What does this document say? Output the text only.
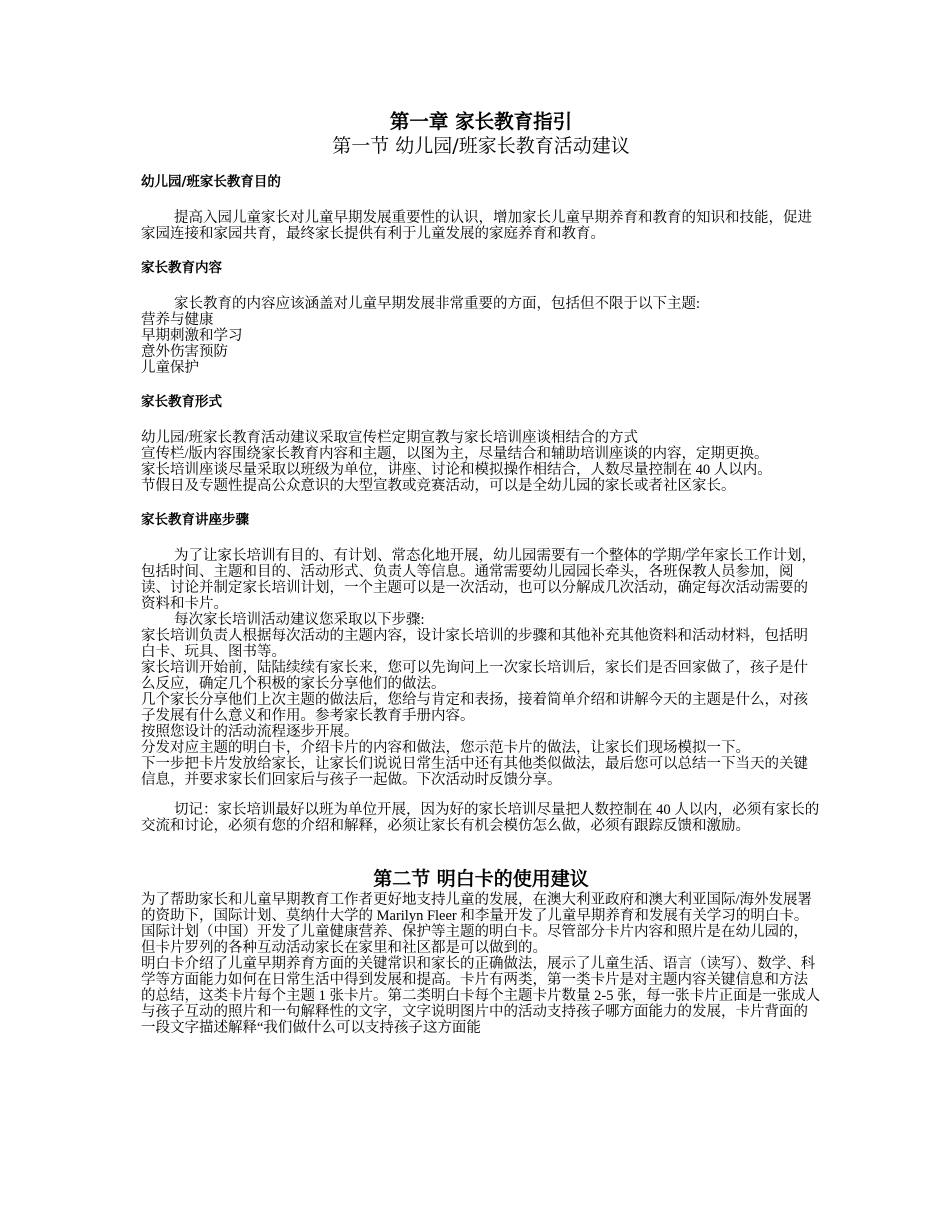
第一章 家长教育指引
第一节 幼儿园/班家长教育活动建议
幼儿园/班家长教育目的

提高入园儿童家长对儿童早期发展重要性的认识，增加家长儿童早期养育和教育的知识和技能，促进家园连接和家园共育，最终家长提供有利于儿童发展的家庭养育和教育。

家长教育内容

家长教育的内容应该涵盖对儿童早期发展非常重要的方面，包括但不限于以下主题:

营养与健康

早期刺激和学习

意外伤害预防

儿童保护

家长教育形式

幼儿园/班家长教育活动建议采取宣传栏定期宣教与家长培训座谈相结合的方式

宣传栏/版内容围绕家长教育内容和主题，以图为主，尽量结合和辅助培训座谈的内容，定期更换。

家长培训座谈尽量采取以班级为单位，讲座、讨论和模拟操作相结合，人数尽量控制在 40 人以内。

节假日及专题性提高公众意识的大型宣教或竞赛活动，可以是全幼儿园的家长或者社区家长。

家长教育讲座步骤

为了让家长培训有目的、有计划、常态化地开展，幼儿园需要有一个整体的学期/学年家长工作计划，包括时间、主题和目的、活动形式、负责人等信息。通常需要幼儿园园长牵头，各班保教人员参加，阅读、讨论并制定家长培训计划，一个主题可以是一次活动，也可以分解成几次活动，确定每次活动需要的资料和卡片。

每次家长培训活动建议您采取以下步骤:

家长培训负责人根据每次活动的主题内容，设计家长培训的步骤和其他补充其他资料和活动材料，包括明白卡、玩具、图书等。

家长培训开始前，陆陆续续有家长来，您可以先询问上一次家长培训后，家长们是否回家做了，孩子是什么反应，确定几个积极的家长分享他们的做法。

几个家长分享他们上次主题的做法后，您给与肯定和表扬，接着简单介绍和讲解今天的主题是什么，对孩子发展有什么意义和作用。参考家长教育手册内容。

按照您设计的活动流程逐步开展。

分发对应主题的明白卡，介绍卡片的内容和做法，您示范卡片的做法，让家长们现场模拟一下。

下一步把卡片发放给家长，让家长们说说日常生活中还有其他类似做法，最后您可以总结一下当天的关键信息，并要求家长们回家后与孩子一起做。下次活动时反馈分享。

切记：家长培训最好以班为单位开展，因为好的家长培训尽量把人数控制在 40 人以内，必须有家长的交流和讨论，必须有您的介绍和解释，必须让家长有机会模仿怎么做，必须有跟踪反馈和激励。

第二节 明白卡的使用建议

为了帮助家长和儿童早期教育工作者更好地支持儿童的发展，在澳大利亚政府和澳大利亚国际/海外发展署的资助下，国际计划、莫纳什大学的 Marilyn Fleer 和李量开发了儿童早期养育和发展有关学习的明白卡。国际计划（中国）开发了儿童健康营养、保护等主题的明白卡。尽管部分卡片内容和照片是在幼儿园的，但卡片罗列的各种互动活动家长在家里和社区都是可以做到的。

明白卡介绍了儿童早期养育方面的关键常识和家长的正确做法，展示了儿童生活、语言（读写）、数学、科学等方面能力如何在日常生活中得到发展和提高。卡片有两类，第一类卡片是对主题内容关键信息和方法的总结，这类卡片每个主题 1 张卡片。第二类明白卡每个主题卡片数量 2-5 张，每一张卡片正面是一张成人与孩子互动的照片和一句解释性的文字，文字说明图片中的活动支持孩子哪方面能力的发展，卡片背面的一段文字描述解释“我们做什么可以支持孩子这方面能
